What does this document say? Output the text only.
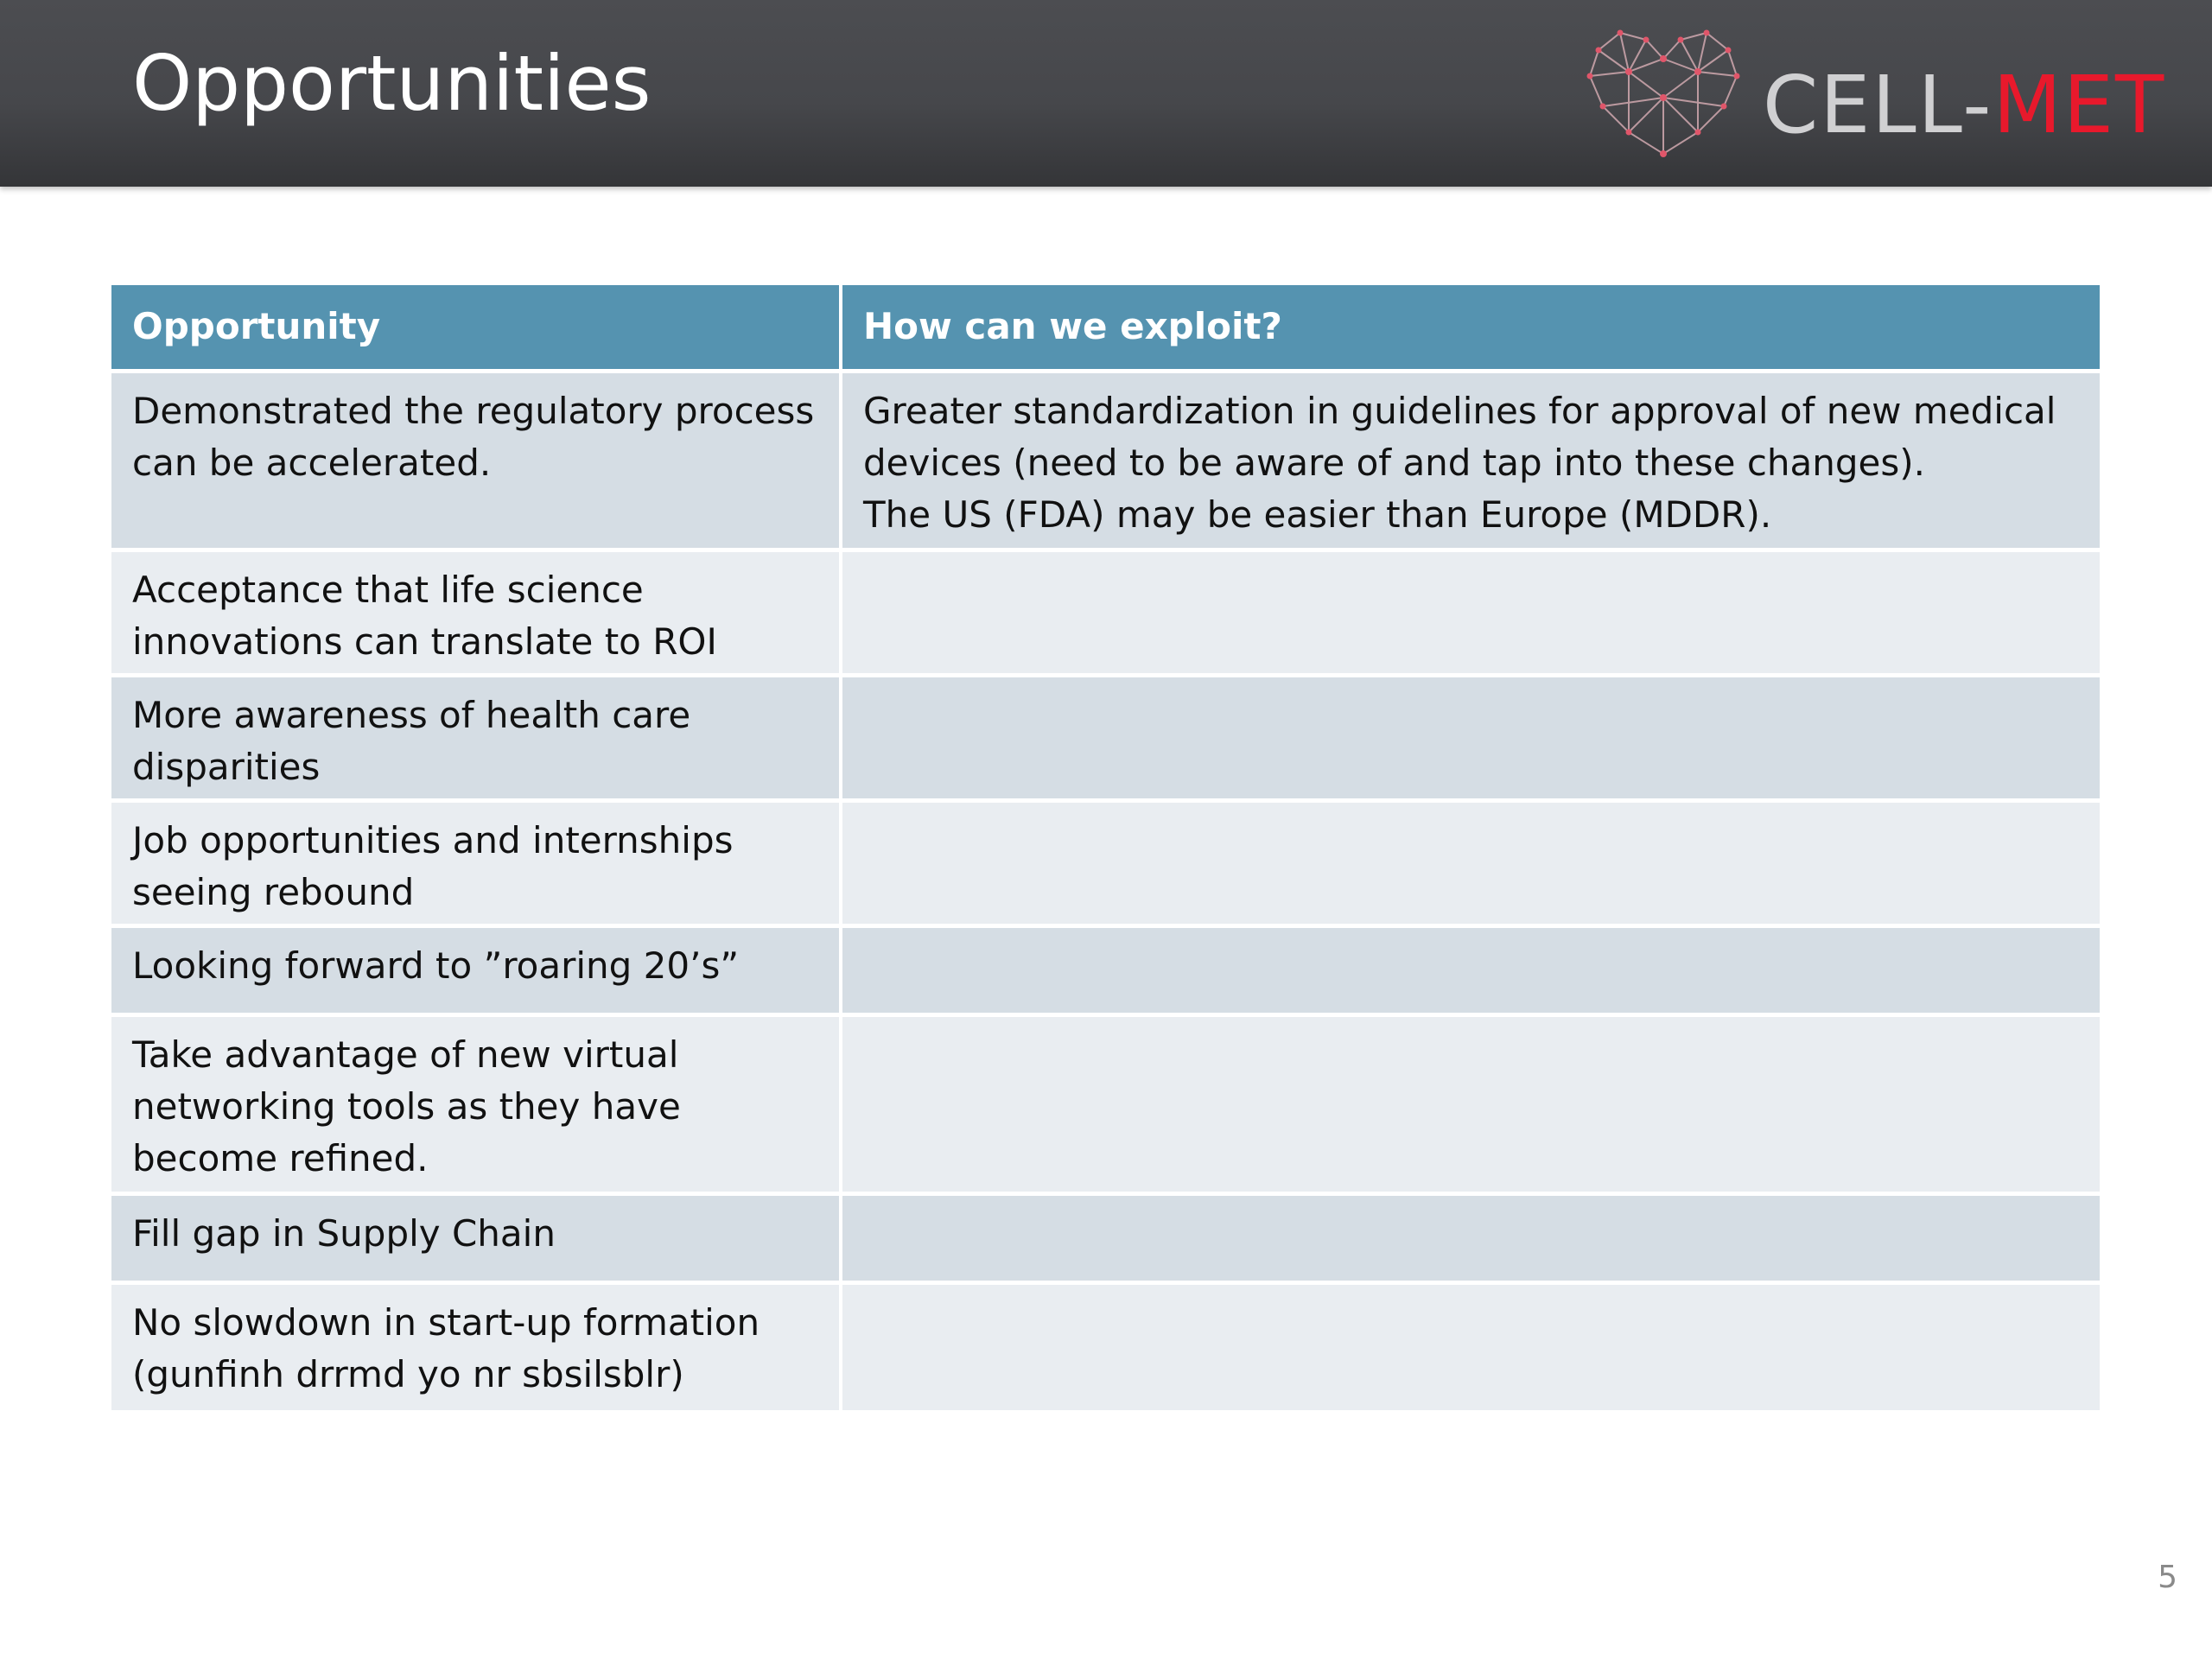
Opportunities	CELL-MET
Opportunity	How can we exploit?
Demonstrated the regulatory process can be accelerated.
Greater standardization in guidelines for approval of new medical devices (need to be aware of and tap into these changes).
The US (FDA) may be easier than Europe (MDDR).
Acceptance that life science innovations can translate to ROI
More awareness of health care disparities
Job opportunities and internships seeing rebound
Looking forward to ”roaring 20’s”
Take advantage of new virtual networking tools as they have become refined.
Fill gap in Supply Chain
No slowdown in start-up formation (gunfinh drrmd yo nr sbsilsblr)
5
